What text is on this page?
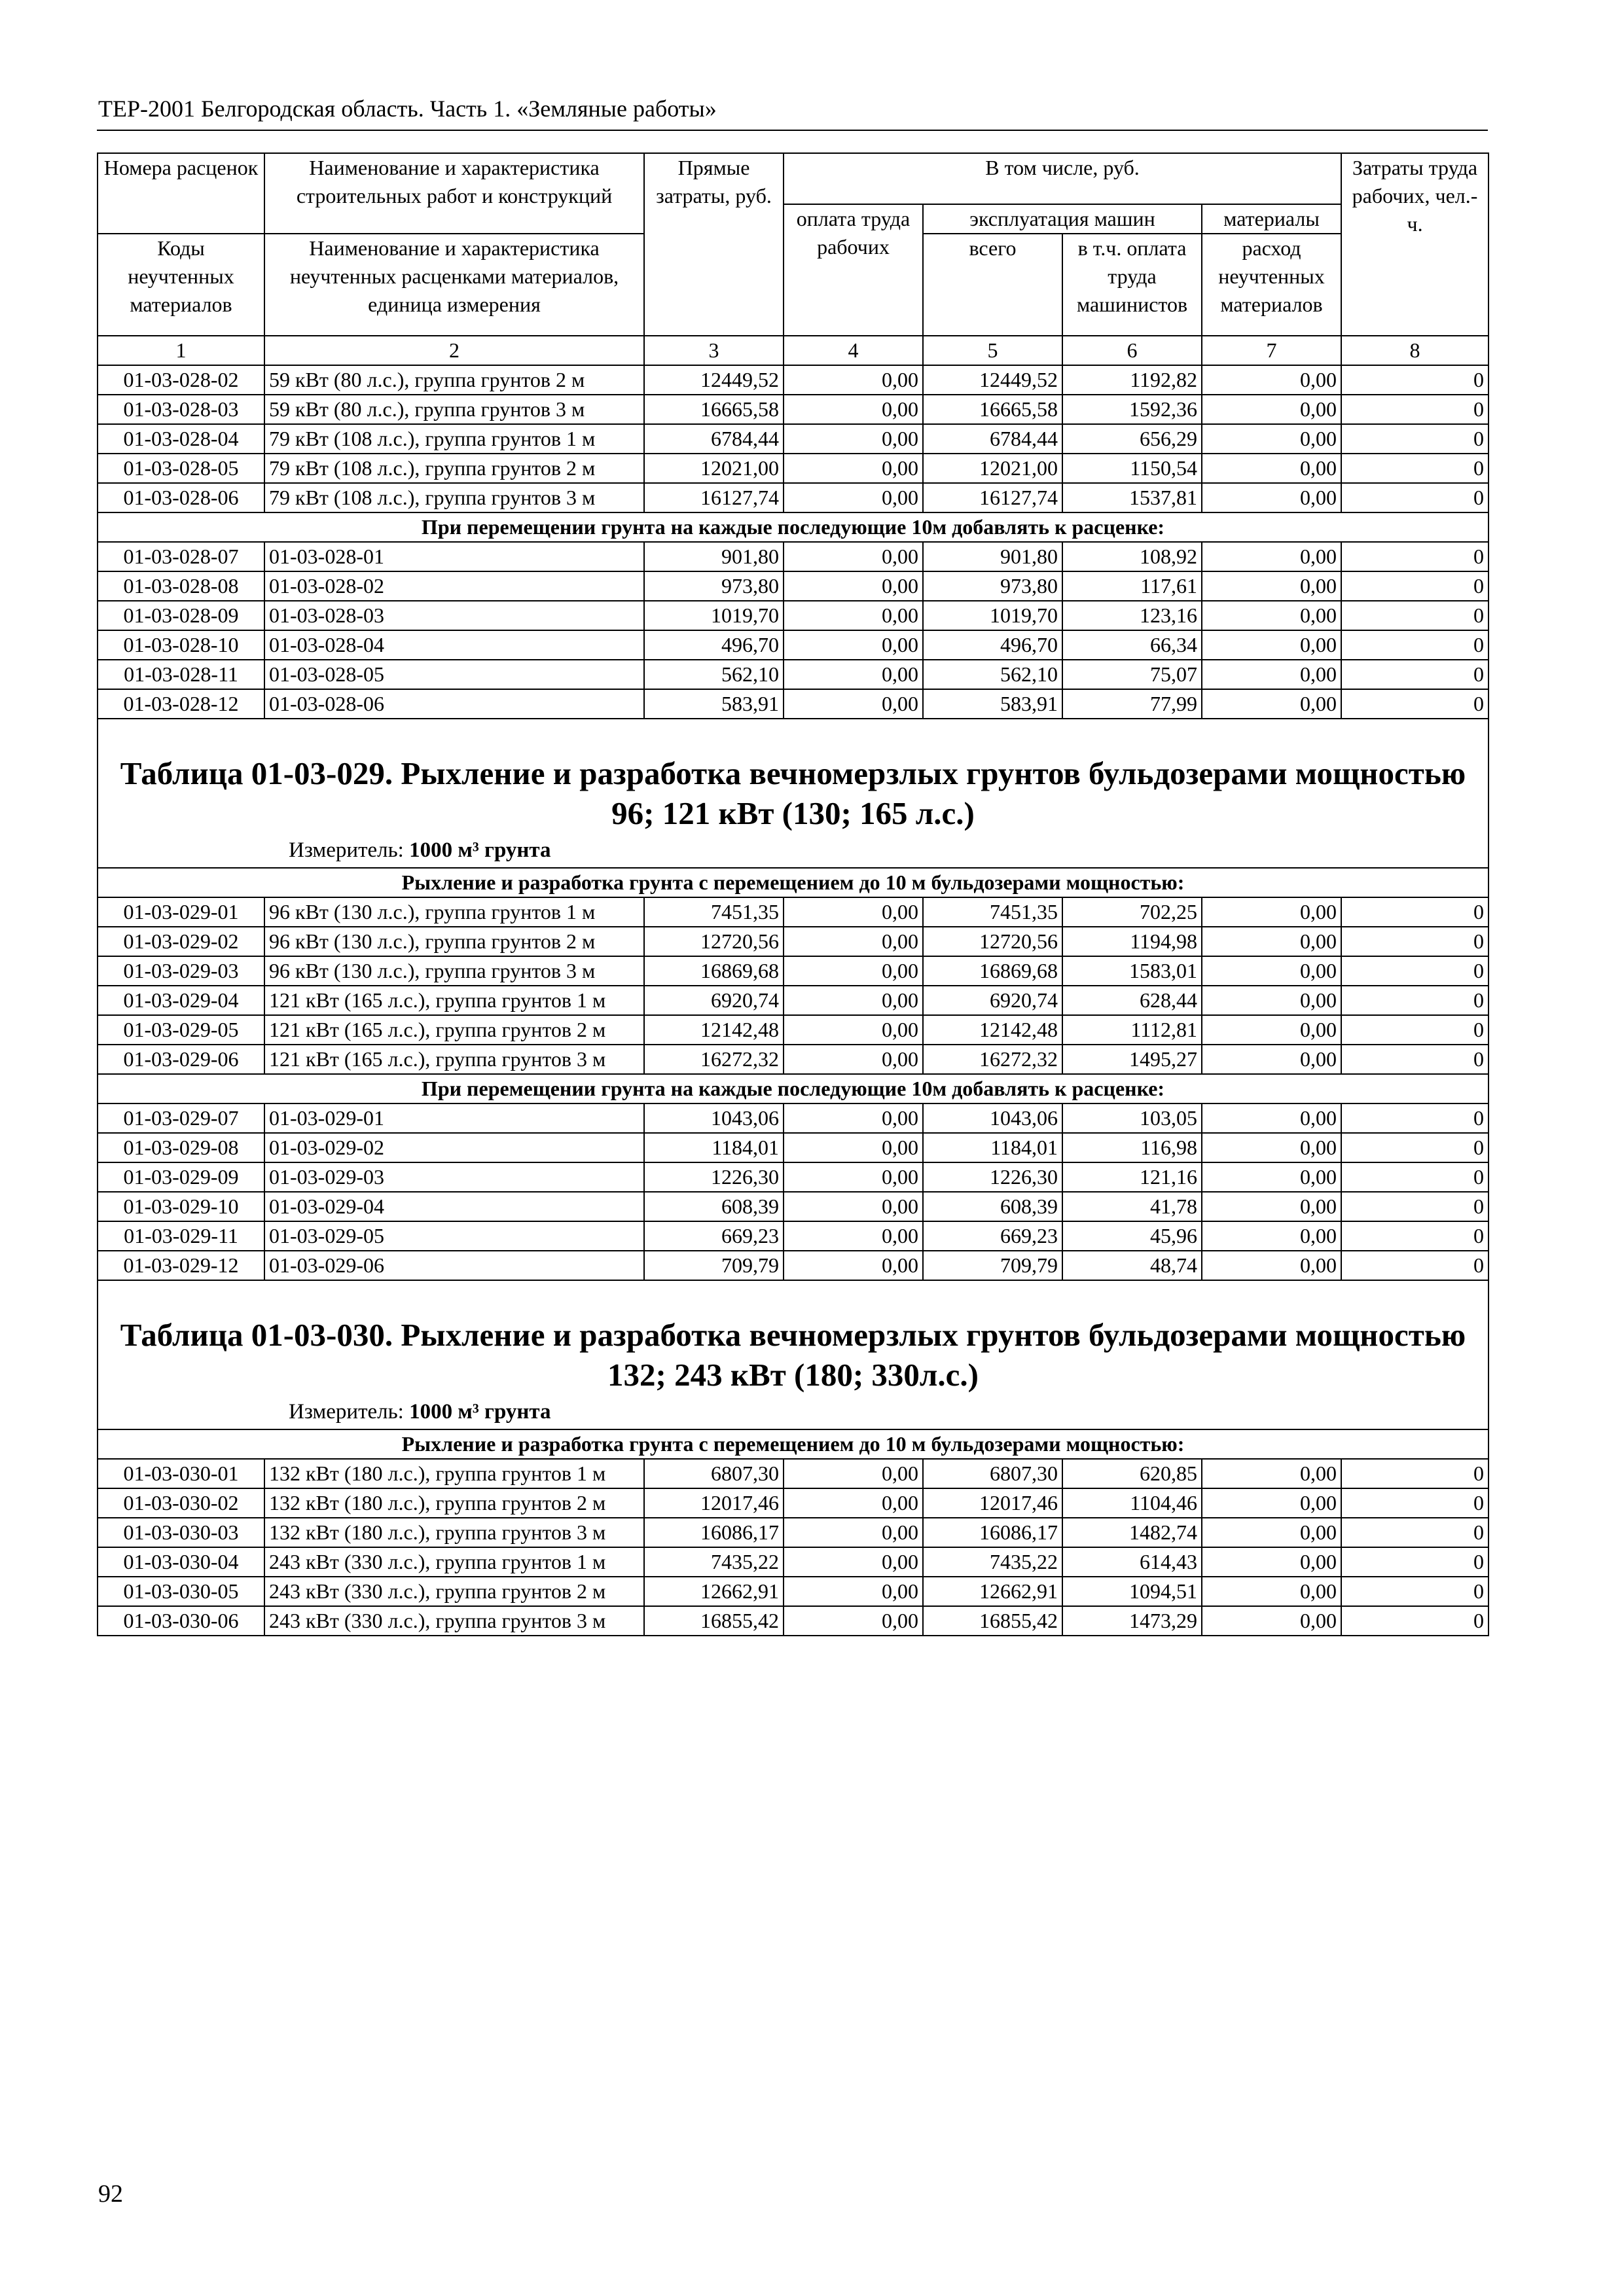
ТЕР-2001 Белгородская область. Часть 1. «Земляные работы»
Номера расценок	Наименование и характеристика строительных работ и конструкций	Прямые затраты, руб.	В том числе, руб.				Затраты труда рабочих, чел.-ч.
			оплата труда рабочих	эксплуатация машин		материалы	
Коды неучтенных материалов	Наименование и характеристика неучтенных расценками материалов, единица измерения			всего	в т.ч. оплата труда машинистов	расход неучтенных материалов	
1	2	3	4	5	6	7	8
01-03-028-02	59 кВт (80 л.с.), группа грунтов 2 м	12449,52	0,00	12449,52	1192,82	0,00	0
01-03-028-03	59 кВт (80 л.с.), группа грунтов 3 м	16665,58	0,00	16665,58	1592,36	0,00	0
01-03-028-04	79 кВт (108 л.с.), группа грунтов 1 м	6784,44	0,00	6784,44	656,29	0,00	0
01-03-028-05	79 кВт (108 л.с.), группа грунтов 2 м	12021,00	0,00	12021,00	1150,54	0,00	0
01-03-028-06	79 кВт (108 л.с.), группа грунтов 3 м	16127,74	0,00	16127,74	1537,81	0,00	0
При перемещении грунта на каждые последующие 10м добавлять к расценке:							
01-03-028-07	01-03-028-01	901,80	0,00	901,80	108,92	0,00	0
01-03-028-08	01-03-028-02	973,80	0,00	973,80	117,61	0,00	0
01-03-028-09	01-03-028-03	1019,70	0,00	1019,70	123,16	0,00	0
01-03-028-10	01-03-028-04	496,70	0,00	496,70	66,34	0,00	0
01-03-028-11	01-03-028-05	562,10	0,00	562,10	75,07	0,00	0
01-03-028-12	01-03-028-06	583,91	0,00	583,91	77,99	0,00	0

Таблица 01-03-029. Рыхление и разработка вечномерзлых грунтов бульдозерами мощностью 96; 121 кВт (130; 165 л.с.)
Измеритель: 1000 м³ грунта							

Рыхление и разработка грунта с перемещением до 10 м бульдозерами мощностью:							
01-03-029-01	96 кВт (130 л.с.), группа грунтов 1 м	7451,35	0,00	7451,35	702,25	0,00	0
01-03-029-02	96 кВт (130 л.с.), группа грунтов 2 м	12720,56	0,00	12720,56	1194,98	0,00	0
01-03-029-03	96 кВт (130 л.с.), группа грунтов 3 м	16869,68	0,00	16869,68	1583,01	0,00	0
01-03-029-04	121 кВт (165 л.с.), группа грунтов 1 м	6920,74	0,00	6920,74	628,44	0,00	0
01-03-029-05	121 кВт (165 л.с.), группа грунтов 2 м	12142,48	0,00	12142,48	1112,81	0,00	0
01-03-029-06	121 кВт (165 л.с.), группа грунтов 3 м	16272,32	0,00	16272,32	1495,27	0,00	0
При перемещении грунта на каждые последующие 10м добавлять к расценке:							
01-03-029-07	01-03-029-01	1043,06	0,00	1043,06	103,05	0,00	0
01-03-029-08	01-03-029-02	1184,01	0,00	1184,01	116,98	0,00	0
01-03-029-09	01-03-029-03	1226,30	0,00	1226,30	121,16	0,00	0
01-03-029-10	01-03-029-04	608,39	0,00	608,39	41,78	0,00	0
01-03-029-11	01-03-029-05	669,23	0,00	669,23	45,96	0,00	0
01-03-029-12	01-03-029-06	709,79	0,00	709,79	48,74	0,00	0

Таблица 01-03-030. Рыхление и разработка вечномерзлых грунтов бульдозерами мощностью 132; 243 кВт (180; 330л.с.)
Измеритель: 1000 м³ грунта							

Рыхление и разработка грунта с перемещением до 10 м бульдозерами мощностью:							
01-03-030-01	132 кВт (180 л.с.), группа грунтов 1 м	6807,30	0,00	6807,30	620,85	0,00	0
01-03-030-02	132 кВт (180 л.с.), группа грунтов 2 м	12017,46	0,00	12017,46	1104,46	0,00	0
01-03-030-03	132 кВт (180 л.с.), группа грунтов 3 м	16086,17	0,00	16086,17	1482,74	0,00	0
01-03-030-04	243 кВт (330 л.с.), группа грунтов 1 м	7435,22	0,00	7435,22	614,43	0,00	0
01-03-030-05	243 кВт (330 л.с.), группа грунтов 2 м	12662,91	0,00	12662,91	1094,51	0,00	0
01-03-030-06	243 кВт (330 л.с.), группа грунтов 3 м	16855,42	0,00	16855,42	1473,29	0,00	0
92
